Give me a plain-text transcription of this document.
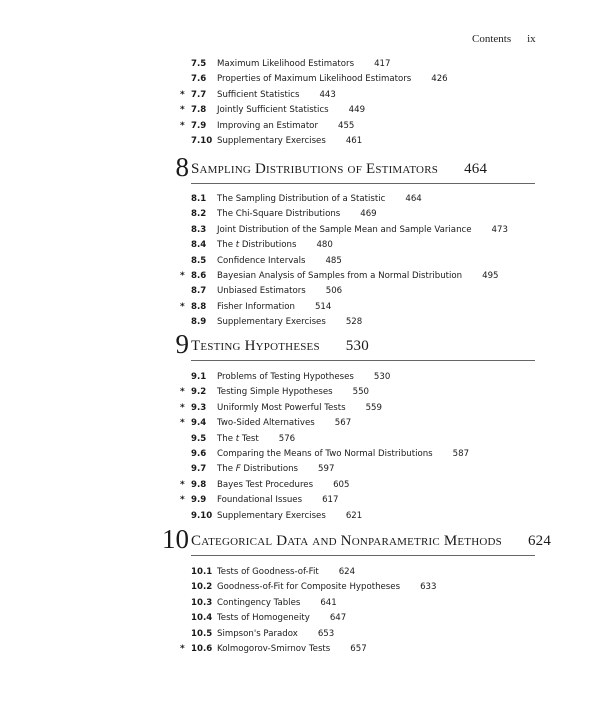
Contents ix
7.5 Maximum Likelihood Estimators 417
7.6 Properties of Maximum Likelihood Estimators 426
* 7.7 Sufficient Statistics 443
* 7.8 Jointly Sufficient Statistics 449
* 7.9 Improving an Estimator 455
7.10 Supplementary Exercises 461
8 Sampling Distributions of Estimators 464
8.1 The Sampling Distribution of a Statistic 464
8.2 The Chi-Square Distributions 469
8.3 Joint Distribution of the Sample Mean and Sample Variance 473
8.4 The t Distributions 480
8.5 Confidence Intervals 485
* 8.6 Bayesian Analysis of Samples from a Normal Distribution 495
8.7 Unbiased Estimators 506
* 8.8 Fisher Information 514
8.9 Supplementary Exercises 528
9 Testing Hypotheses 530
9.1 Problems of Testing Hypotheses 530
* 9.2 Testing Simple Hypotheses 550
* 9.3 Uniformly Most Powerful Tests 559
* 9.4 Two-Sided Alternatives 567
9.5 The t Test 576
9.6 Comparing the Means of Two Normal Distributions 587
9.7 The F Distributions 597
* 9.8 Bayes Test Procedures 605
* 9.9 Foundational Issues 617
9.10 Supplementary Exercises 621
10 Categorical Data and Nonparametric Methods 624
10.1 Tests of Goodness-of-Fit 624
10.2 Goodness-of-Fit for Composite Hypotheses 633
10.3 Contingency Tables 641
10.4 Tests of Homogeneity 647
10.5 Simpson's Paradox 653
* 10.6 Kolmogorov-Smirnov Tests 657
